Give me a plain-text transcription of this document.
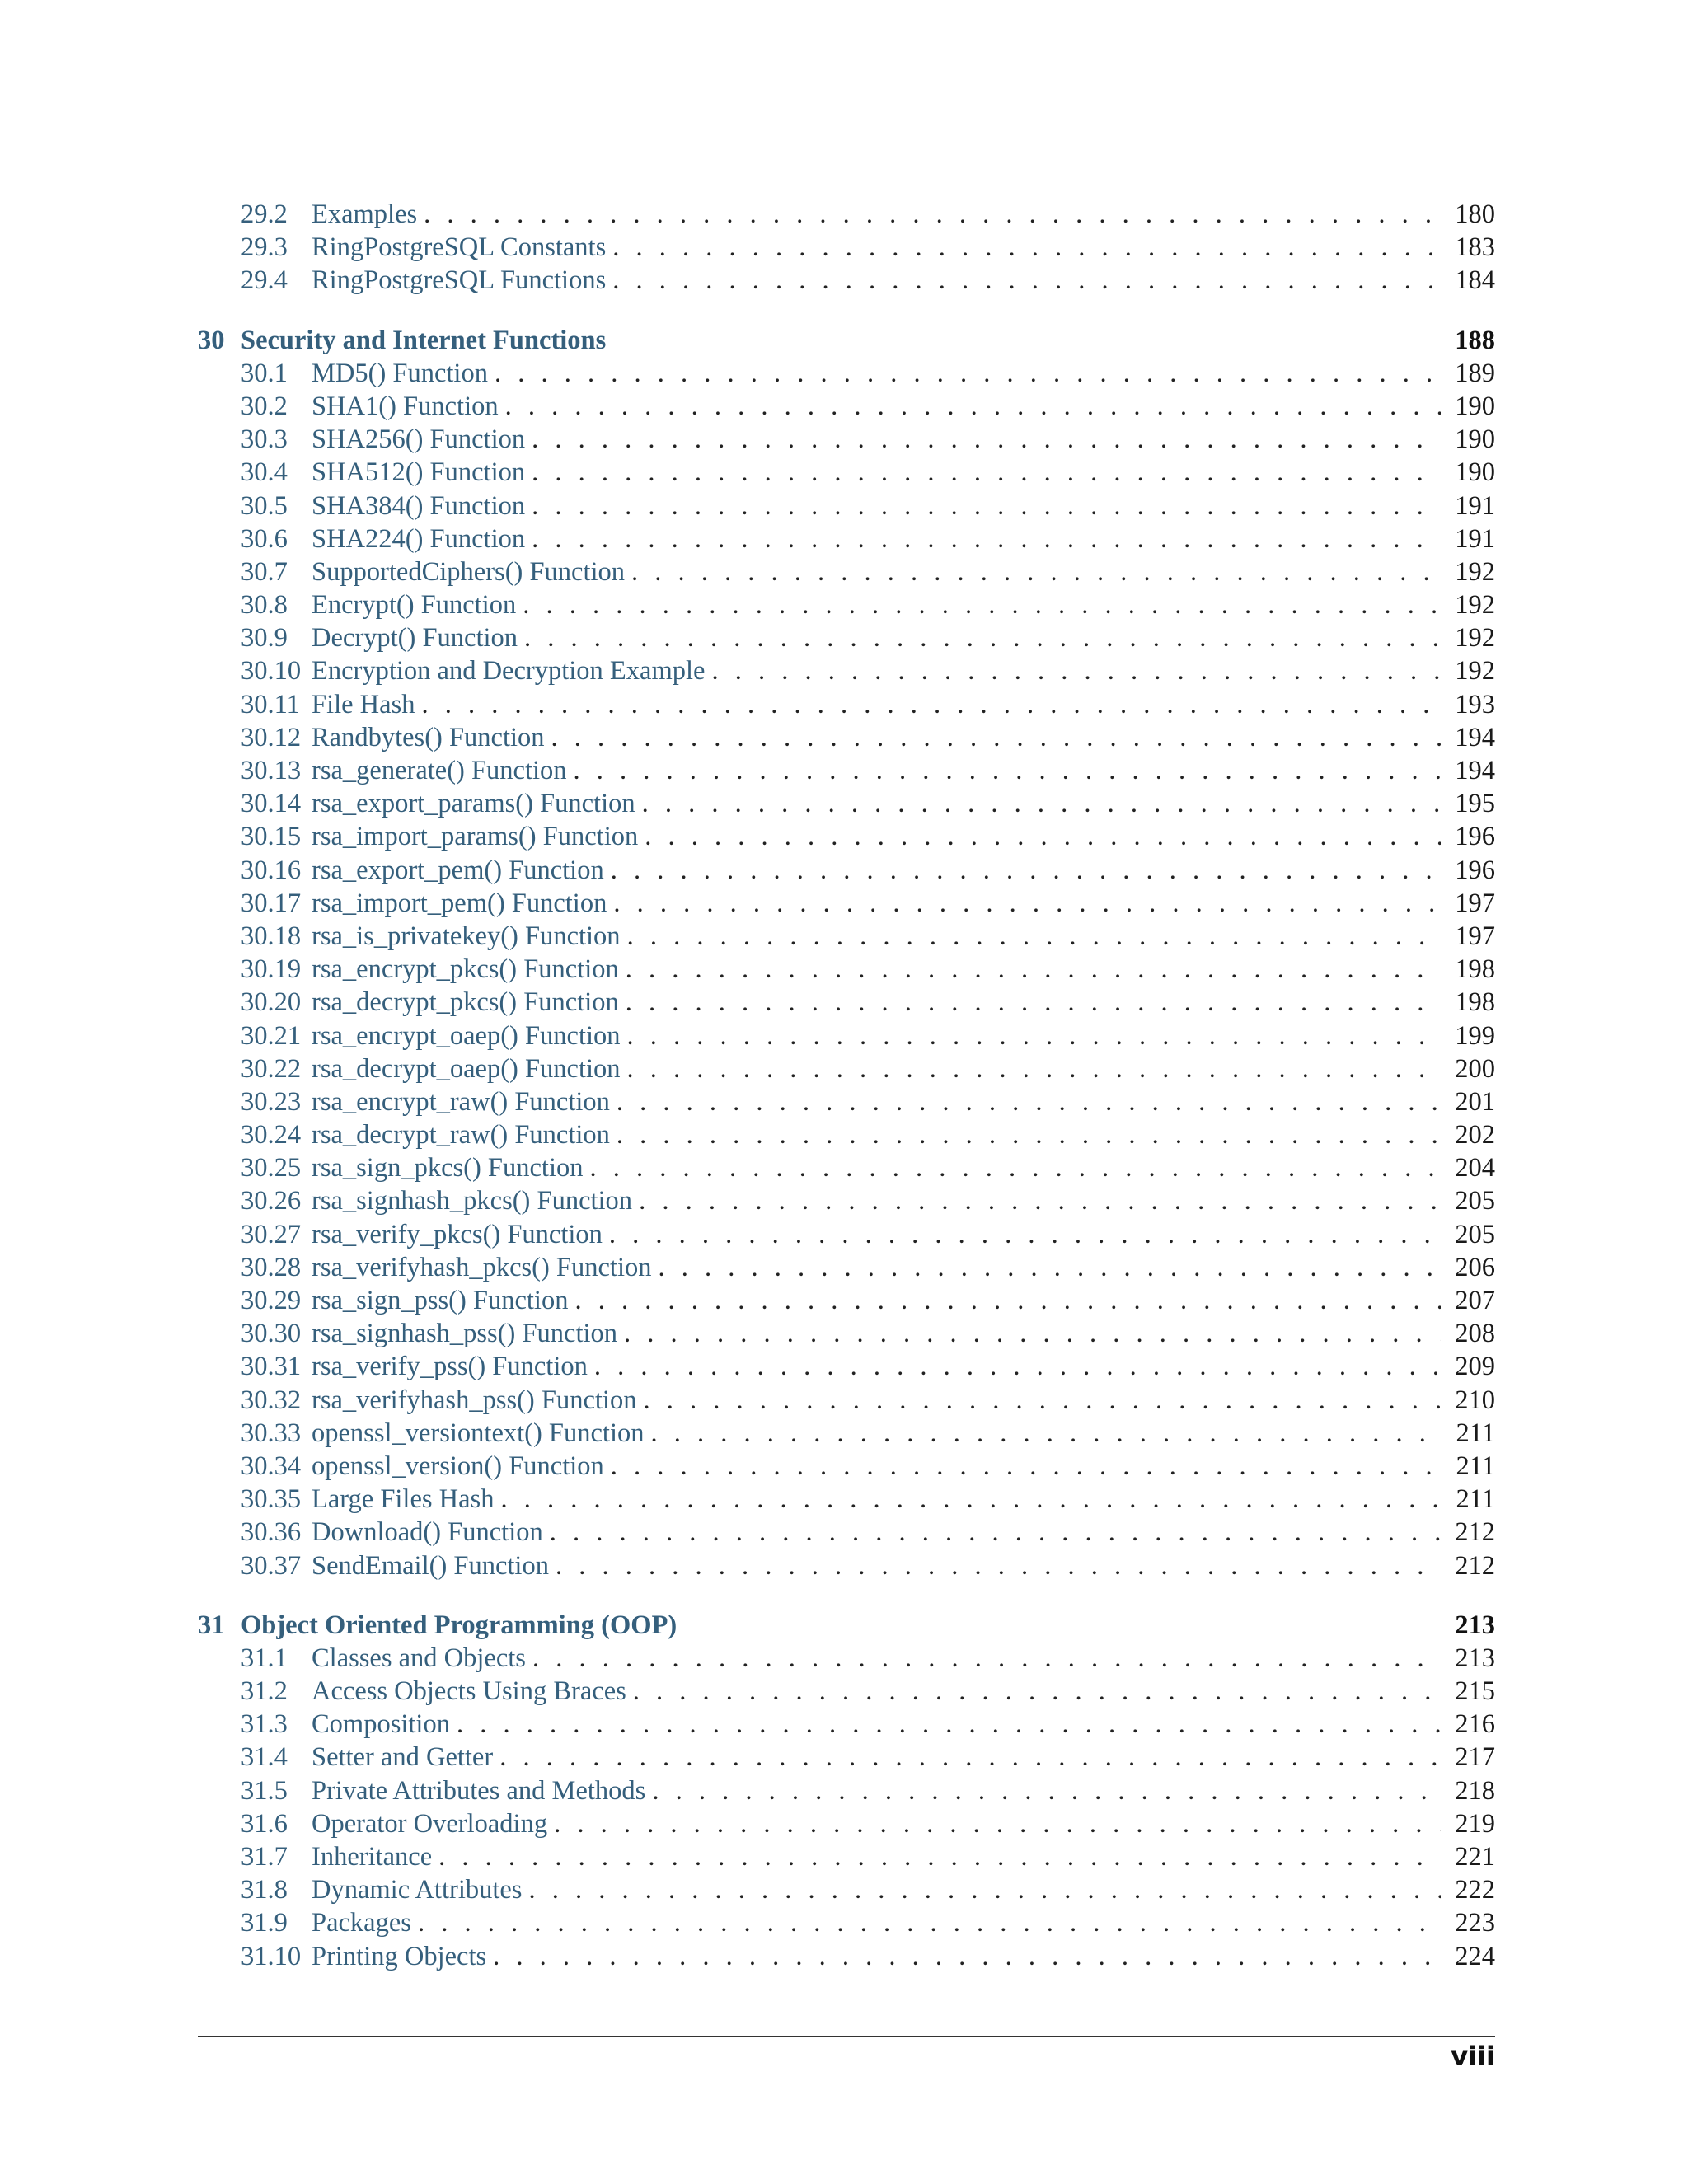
29.2 Examples . . .	180
29.3 RingPostgreSQL Constants . . .	183
29.4 RingPostgreSQL Functions . . .	184
30 Security and Internet Functions	188
30.1 MD5() Function . . .	189
30.2 SHA1() Function . . .	190
30.3 SHA256() Function . . .	190
30.4 SHA512() Function . . .	190
30.5 SHA384() Function . . .	191
30.6 SHA224() Function . . .	191
30.7 SupportedCiphers() Function . . .	192
30.8 Encrypt() Function . . .	192
30.9 Decrypt() Function . . .	192
30.10 Encryption and Decryption Example . . .	192
30.11 File Hash . . .	193
30.12 Randbytes() Function . . .	194
30.13 rsa_generate() Function . . .	194
30.14 rsa_export_params() Function . . .	195
30.15 rsa_import_params() Function . . .	196
30.16 rsa_export_pem() Function . . .	196
30.17 rsa_import_pem() Function . . .	197
30.18 rsa_is_privatekey() Function . . .	197
30.19 rsa_encrypt_pkcs() Function . . .	198
30.20 rsa_decrypt_pkcs() Function . . .	198
30.21 rsa_encrypt_oaep() Function . . .	199
30.22 rsa_decrypt_oaep() Function . . .	200
30.23 rsa_encrypt_raw() Function . . .	201
30.24 rsa_decrypt_raw() Function . . .	202
30.25 rsa_sign_pkcs() Function . . .	204
30.26 rsa_signhash_pkcs() Function . . .	205
30.27 rsa_verify_pkcs() Function . . .	205
30.28 rsa_verifyhash_pkcs() Function . . .	206
30.29 rsa_sign_pss() Function . . .	207
30.30 rsa_signhash_pss() Function . . .	208
30.31 rsa_verify_pss() Function . . .	209
30.32 rsa_verifyhash_pss() Function . . .	210
30.33 openssl_versiontext() Function . . .	211
30.34 openssl_version() Function . . .	211
30.35 Large Files Hash . . .	211
30.36 Download() Function . . .	212
30.37 SendEmail() Function . . .	212
31 Object Oriented Programming (OOP)	213
31.1 Classes and Objects . . .	213
31.2 Access Objects Using Braces . . .	215
31.3 Composition . . .	216
31.4 Setter and Getter . . .	217
31.5 Private Attributes and Methods . . .	218
31.6 Operator Overloading . . .	219
31.7 Inheritance . . .	221
31.8 Dynamic Attributes . . .	222
31.9 Packages . . .	223
31.10 Printing Objects . . .	224
viii
